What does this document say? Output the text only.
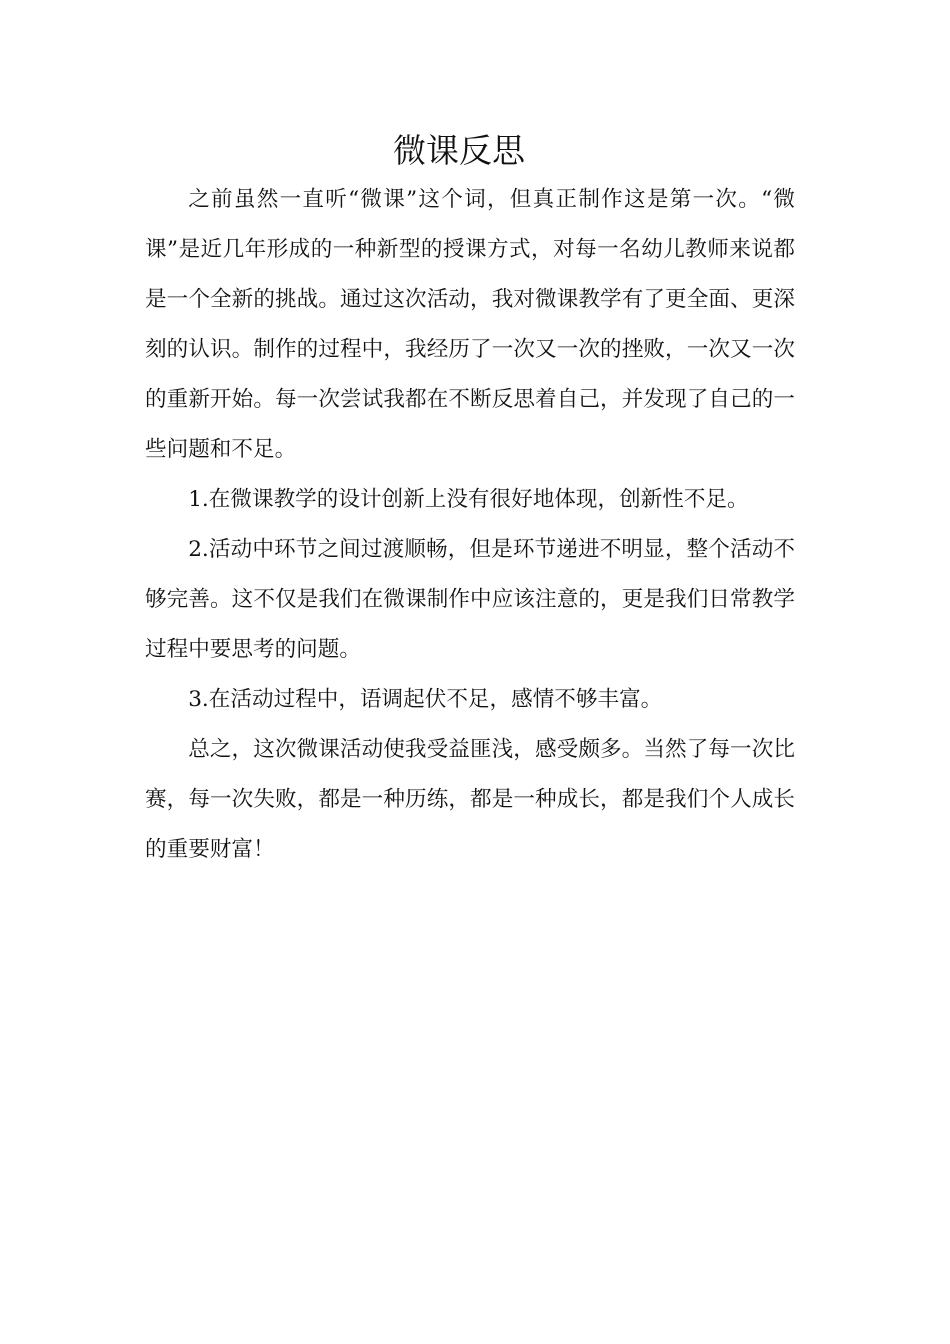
微课反思

之前虽然一直听“微课”这个词，但真正制作这是第一次。“微课”是近几年形成的一种新型的授课方式，对每一名幼儿教师来说都是一个全新的挑战。通过这次活动，我对微课教学有了更全面、更深刻的认识。制作的过程中，我经历了一次又一次的挫败，一次又一次的重新开始。每一次尝试我都在不断反思着自己，并发现了自己的一些问题和不足。

1.在微课教学的设计创新上没有很好地体现，创新性不足。

2.活动中环节之间过渡顺畅，但是环节递进不明显，整个活动不够完善。这不仅是我们在微课制作中应该注意的，更是我们日常教学过程中要思考的问题。

3.在活动过程中，语调起伏不足，感情不够丰富。

总之，这次微课活动使我受益匪浅，感受颇多。当然了每一次比赛，每一次失败，都是一种历练，都是一种成长，都是我们个人成长的重要财富！
